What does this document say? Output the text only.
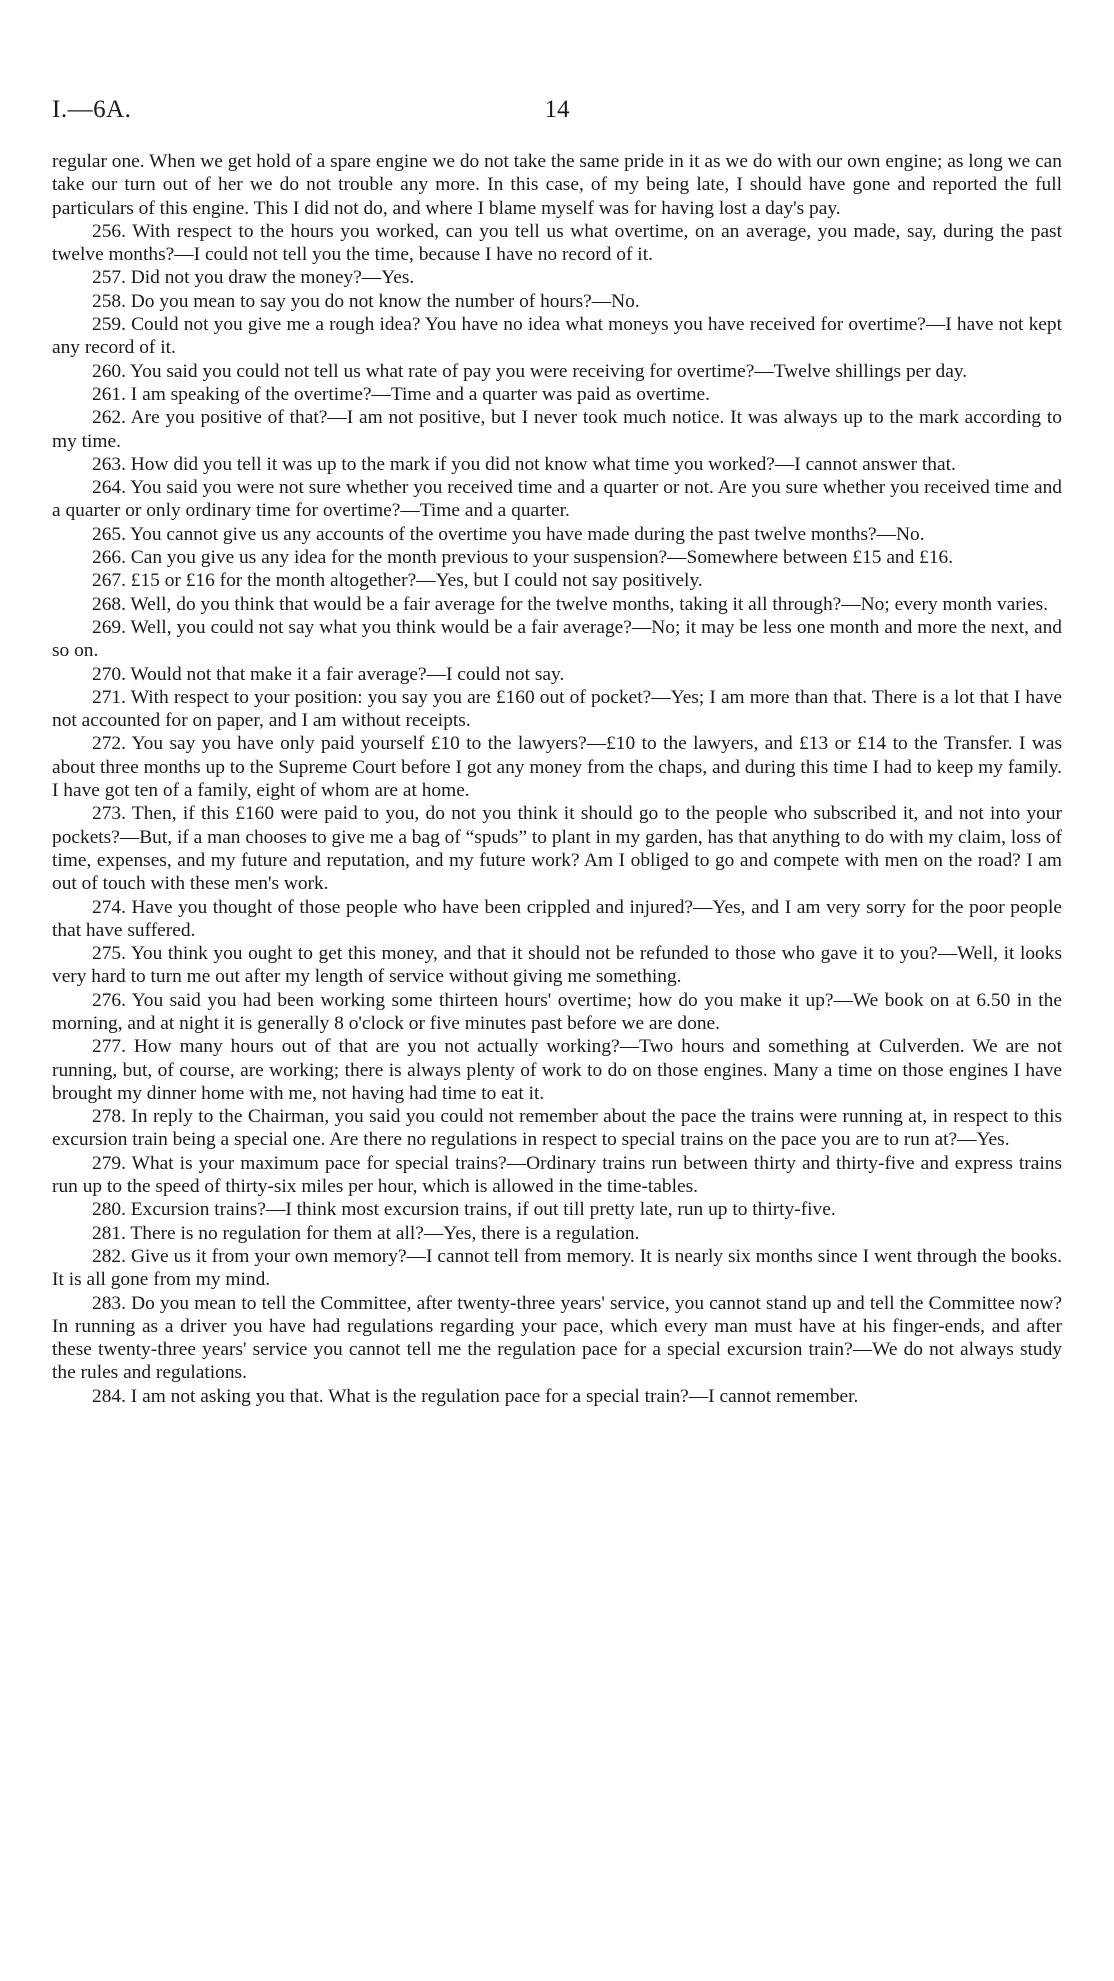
I.—6A.	14

regular one. When we get hold of a spare engine we do not take the same pride in it as we do with our own engine; as long we can take our turn out of her we do not trouble any more. In this case, of my being late, I should have gone and reported the full particulars of this engine. This I did not do, and where I blame myself was for having lost a day's pay.

256. With respect to the hours you worked, can you tell us what overtime, on an average, you made, say, during the past twelve months?—I could not tell you the time, because I have no record of it.

257. Did not you draw the money?—Yes.

258. Do you mean to say you do not know the number of hours?—No.

259. Could not you give me a rough idea? You have no idea what moneys you have received for overtime?—I have not kept any record of it.

260. You said you could not tell us what rate of pay you were receiving for overtime?—Twelve shillings per day.

261. I am speaking of the overtime?—Time and a quarter was paid as overtime.

262. Are you positive of that?—I am not positive, but I never took much notice. It was always up to the mark according to my time.

263. How did you tell it was up to the mark if you did not know what time you worked?—I cannot answer that.

264. You said you were not sure whether you received time and a quarter or not. Are you sure whether you received time and a quarter or only ordinary time for overtime?—Time and a quarter.

265. You cannot give us any accounts of the overtime you have made during the past twelve months?—No.

266. Can you give us any idea for the month previous to your suspension?—Somewhere between £15 and £16.

267. £15 or £16 for the month altogether?—Yes, but I could not say positively.

268. Well, do you think that would be a fair average for the twelve months, taking it all through?—No; every month varies.

269. Well, you could not say what you think would be a fair average?—No; it may be less one month and more the next, and so on.

270. Would not that make it a fair average?—I could not say.

271. With respect to your position: you say you are £160 out of pocket?—Yes; I am more than that. There is a lot that I have not accounted for on paper, and I am without receipts.

272. You say you have only paid yourself £10 to the lawyers?—£10 to the lawyers, and £13 or £14 to the Transfer. I was about three months up to the Supreme Court before I got any money from the chaps, and during this time I had to keep my family. I have got ten of a family, eight of whom are at home.

273. Then, if this £160 were paid to you, do not you think it should go to the people who subscribed it, and not into your pockets?—But, if a man chooses to give me a bag of “spuds” to plant in my garden, has that anything to do with my claim, loss of time, expenses, and my future and reputation, and my future work? Am I obliged to go and compete with men on the road? I am out of touch with these men's work.

274. Have you thought of those people who have been crippled and injured?—Yes, and I am very sorry for the poor people that have suffered.

275. You think you ought to get this money, and that it should not be refunded to those who gave it to you?—Well, it looks very hard to turn me out after my length of service without giving me something.

276. You said you had been working some thirteen hours' overtime; how do you make it up?—We book on at 6.50 in the morning, and at night it is generally 8 o'clock or five minutes past before we are done.

277. How many hours out of that are you not actually working?—Two hours and something at Culverden. We are not running, but, of course, are working; there is always plenty of work to do on those engines. Many a time on those engines I have brought my dinner home with me, not having had time to eat it.

278. In reply to the Chairman, you said you could not remember about the pace the trains were running at, in respect to this excursion train being a special one. Are there no regulations in respect to special trains on the pace you are to run at?—Yes.

279. What is your maximum pace for special trains?—Ordinary trains run between thirty and thirty-five and express trains run up to the speed of thirty-six miles per hour, which is allowed in the time-tables.

280. Excursion trains?—I think most excursion trains, if out till pretty late, run up to thirty-five.

281. There is no regulation for them at all?—Yes, there is a regulation.

282. Give us it from your own memory?—I cannot tell from memory. It is nearly six months since I went through the books. It is all gone from my mind.

283. Do you mean to tell the Committee, after twenty-three years' service, you cannot stand up and tell the Committee now? In running as a driver you have had regulations regarding your pace, which every man must have at his finger-ends, and after these twenty-three years' service you cannot tell me the regulation pace for a special excursion train?—We do not always study the rules and regulations.

284. I am not asking you that. What is the regulation pace for a special train?—I cannot remember.
